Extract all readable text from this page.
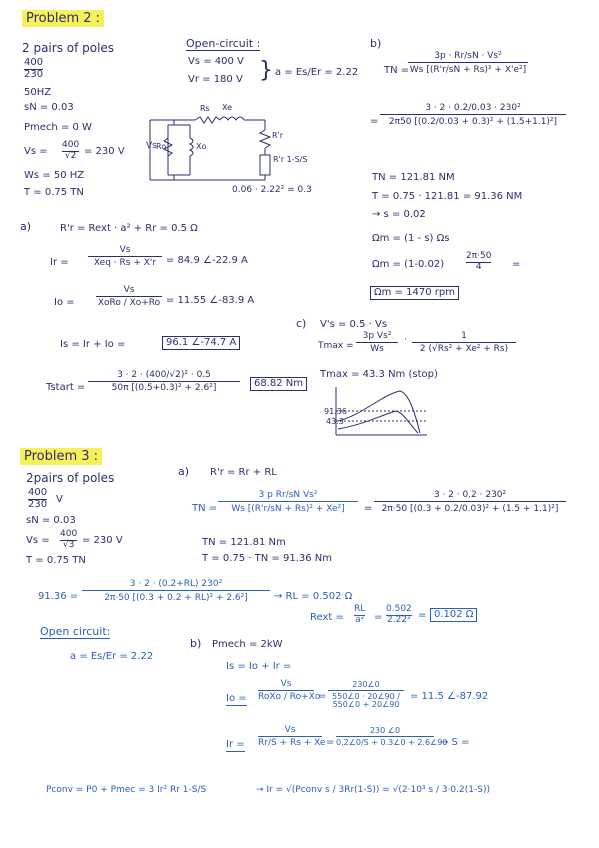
Problem 2 :
2 pairs of poles
400
230
50HZ
sN = 0.03
Pmech = 0 W
Vs =
400
√2 = 230 V
Ws = 50 HZ
T = 0.75 TN
Open-circuit :
Vs = 400 V
Vr = 180 V } a = Es/Er = 2.22
Rs Xe
R'r
Vs Ro	Xo
R'r 1-S/S
0.06 · 2.22² = 0.3
a)	R'r = Rext · a² + Rr = 0.5 Ω
Ir =
Vs
Xeq · Rs + X'r = 84.9 ∠-22.9 A
Io =
Vs
XoRo / Xo+Ro = 11.55 ∠-83.9 A
Is = Ir + Io =	96.1 ∠-74.7 A
Tstart =
3 · 2 · (400/√2)² · 0.5
50π [(0.5+0.3)² + 2.6²]	68.82 Nm
b)
TN =
3p · Rr/sN · Vs²
Ws [(R'r/sN + Rs)² + X'e²]
=
3 · 2 · 0.2/0.03 · 230²
2π50 [(0.2/0.03 + 0.3)² + (1.5+1.1)²]
TN = 121.81 NM
T = 0.75 · 121.81 = 91.36 NM
→ s = 0.02
Ωm = (1 - s) Ωs
Ωm = (1-0.02)
2π·50
4	=
Ωm = 1470 rpm
c) V's = 0.5 · Vs
Tmax =
3p Vs²
Ws
·	1
2 (√Rs² + Xe² + Rs)
Tmax = 43.3 Nm (stop)
91.36
43.3
Problem 3 :
2pairs of poles
400
230 V
sN = 0.03
Vs =
400
√3 = 230 V
T = 0.75 TN
a) R'r = Rr + RL
TN =
3 p Rr/sN Vs²
Ws [(R'r/sN + Rs)² + Xe²]	=
3 · 2 · 0.2 · 230²
2π·50 [(0.3 + 0.2/0.03)² + (1.5 + 1.1)²]
TN = 121.81 Nm
T = 0.75 · TN = 91.36 Nm
91.36 =
3 · 2 · (0.2+RL) 230²
2π·50 [(0.3 + 0.2 + RL)² + 2.6²]	→ RL = 0.502 Ω
Rext =
RL
a² =
0.502
2.22² = 0.102 Ω
Open circuit:
a = Es/Er = 2.22
b) Pmech = 2kW
Is = Io + Ir =
Io =
Vs
RoXo / Ro+Xo
=
230∠0
550∠0 · 20∠90 / 550∠0 + 20∠90
= 11.5 ∠-87.92
Ir =
Vs
Rr/S + Rs + Xe =
230 ∠0
0.2∠0/S + 0.3∠0 + 2.6∠90
→ S =
Pconv = P0 + Pmec = 3 Ir² Rr 1-S/S	→ Ir = √(Pconv s / 3Rr(1-S)) = √(2·10³ s / 3·0.2(1-S))
